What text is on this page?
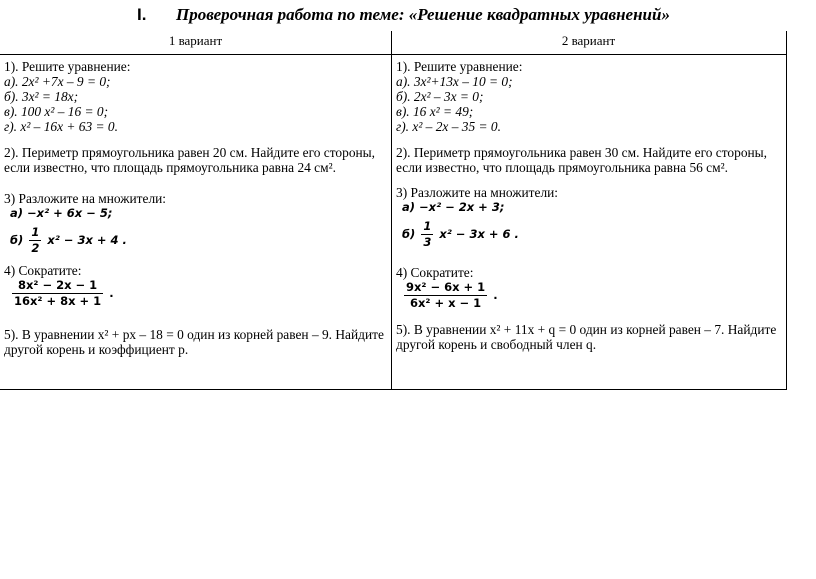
I. Проверочная работа по теме: «Решение квадратных уравнений»
1 вариант
1). Решите уравнение:
а). 2x² +7x – 9 = 0;
б). 3x² = 18x;
в). 100 x² – 16 = 0;
г). x² – 16x + 63 = 0.
2). Периметр прямоугольника равен 20 см. Найдите его стороны,
если известно, что площадь прямоугольника равна 24 см².
3) Разложите на множители:
а) −x² + 6x − 5;
$б) \frac{1}{2} x^2 - 3x + 4$ .
4) Сократите:
$\frac{\text{8x² − 2x − 1}}{\text{16x² + 8x + 1}}$ .
5). В уравнении x² + px – 18 = 0 один из корней равен – 9. Найдите
другой корень и коэффициент p.
2 вариант
1). Решите уравнение:
а). 3x²+13x – 10 = 0;
б). 2x² – 3x = 0;
в). 16 x² = 49;
г). x² – 2x – 35 = 0.
2). Периметр прямоугольника равен 30 см. Найдите его стороны,
если известно, что площадь прямоугольника равна 56 см².
3) Разложите на множители:
а) −x² − 2x + 3;
$б) \frac{1}{3} x^2 - 3x + 6$ .
4) Сократите:
$\frac{\text{9x² − 6x + 1}}{\text{6x² + x − 1}}$ .
5). В уравнении x² + 11x + q = 0 один из корней равен – 7. Найдите
другой корень и свободный член q.
